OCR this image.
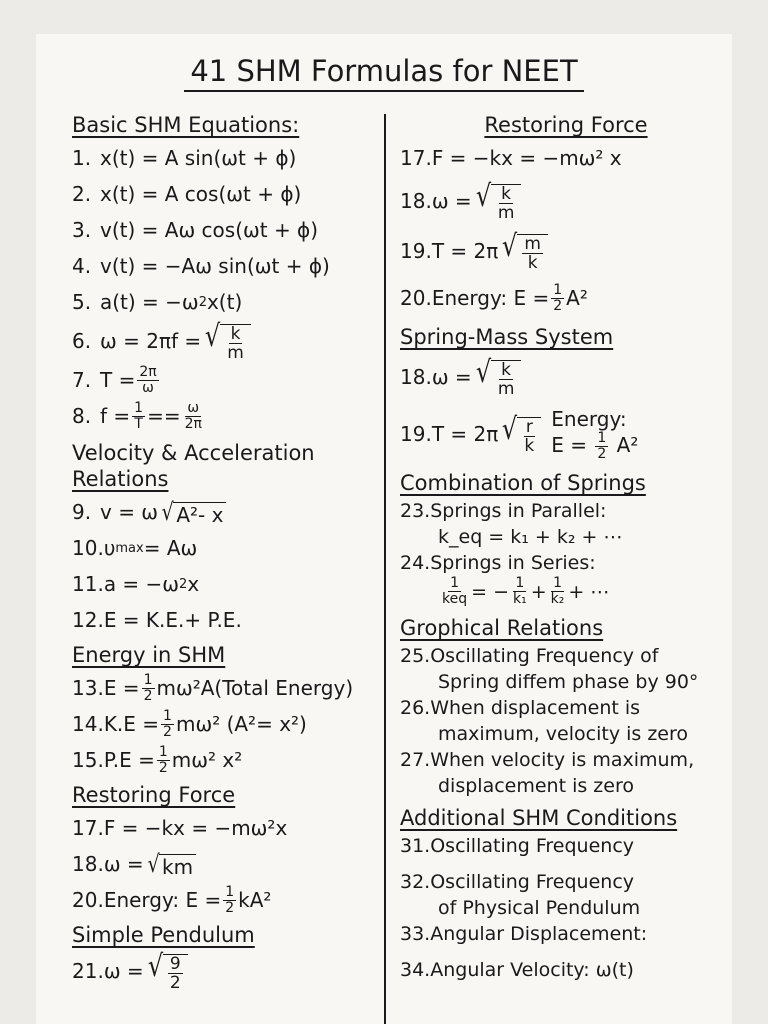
41 SHM Formulas for NEET
Basic SHM Equations:
1. x(t) = A sin(ωt + ϕ)
2. x(t) = A cos(ωt + ϕ)
3. v(t) = Aω cos(ωt + ϕ)
4. v(t) = −Aω sin(ωt + ϕ)
5. a(t) = −ω 2 x(t)
6. ω = 2πf = √ $\frac{k}{m}$
7. $T = \frac{2\pi}{\omega}$
8. $f = \frac{1}{T} == \frac{\omega}{2\pi}$
Velocity & Acceleration
Relations
9. v = ω √ A²- x
10. υ max = Aω
11. a = −ω 2 x
12. E = K.E.+ P.E.
Energy in SHM
13. $E = \frac{1}{2}$ mω²A(Total Energy)
14. $K.E = \frac{1}{2} m\omega^2$ (A²= x²)
15. $P.E = \frac{1}{2} m\omega^2$ x²
Restoring Force
17. F = −kx = −mω²x
18. ω = √ km
20. Energy: $E = \frac{1}{2} kA^2$
Simple Pendulum
21. ω = √ $\frac{9}{2}$
Restoring Force
17. F = −kx = −mω² x
18. ω = √ $\frac{k}{m}$
19. T = 2π √ $\frac{m}{k}$
20. Energy: $E = \frac{1}{2} A^2$
Spring-Mass System
18. ω = √ $\frac{k}{m}$
19. T = 2π √ $\frac{r}{k}$ Energy:
$E = \frac{1}{2} A^2$
Combination of Springs
23.Springs in Parallel:
k_eq = k₁ + k₂ + ⋯
24.Springs in Series:
$\frac{1}{\text{keq}}$ = − $\frac{1}{\text{k₁}} + \frac{1}{\text{k₂}}$ + ⋯
Grophical Relations
25.Oscillating Frequency of
Spring diffem phase by 90°
26.When displacement is
maximum, velocity is zero
27.When velocity is maximum,
displacement is zero
Additional SHM Conditions
31.Oscillating Frequency
32.Oscillating Frequency
of Physical Pendulum
33.Angular Displacement:
34.Angular Velocity: ω(t)
